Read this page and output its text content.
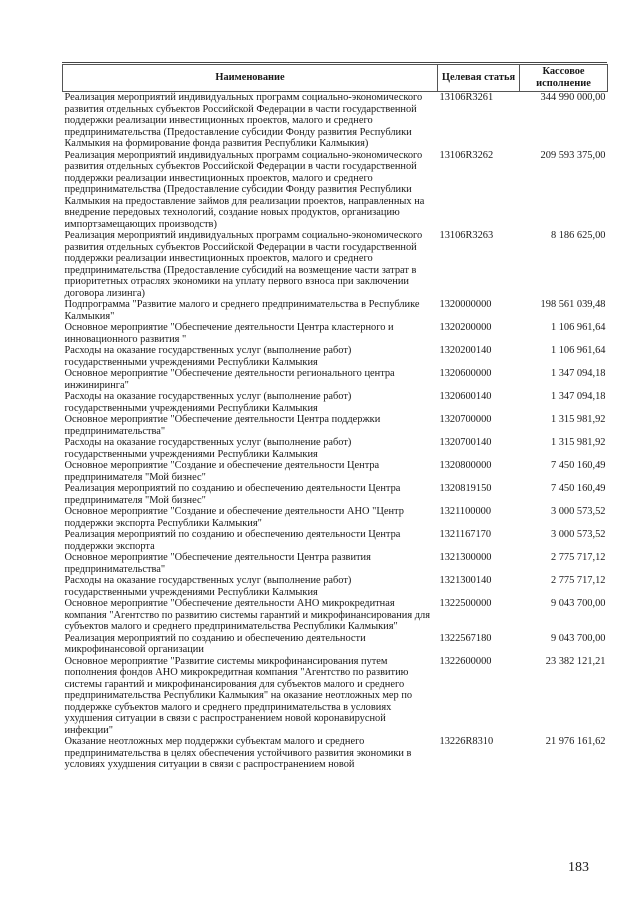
Наименование	Целевая статья	Кассовое исполнение
Реализация мероприятий индивидуальных программ социально-экономического развития отдельных субъектов Российской Федерации в части государственной поддержки реализации инвестиционных проектов, малого и среднего предпринимательства (Предоставление субсидии Фонду развития Республики Калмыкия на формирование фонда развития Республики Калмыкия)	13106R3261	344 990 000,00
Реализация мероприятий индивидуальных программ социально-экономического развития отдельных субъектов Российской Федерации в части государственной поддержки реализации инвестиционных проектов, малого и среднего предпринимательства (Предоставление субсидии Фонду развития Республики Калмыкия на предоставление займов для реализации проектов, направленных на внедрение передовых технологий, создание новых продуктов, организацию импортзамещающих производств)	13106R3262	209 593 375,00
Реализация мероприятий индивидуальных программ социально-экономического развития отдельных субъектов Российской Федерации в части государственной поддержки реализации инвестиционных проектов, малого и среднего предпринимательства (Предоставление субсидий на возмещение части затрат в приоритетных отраслях экономики на уплату первого взноса при заключении договора лизинга)	13106R3263	8 186 625,00
Подпрограмма "Развитие малого и среднего предпринимательства в Республике Калмыкия"	1320000000	198 561 039,48
Основное мероприятие "Обеспечение деятельности Центра кластерного и инновационного развития "	1320200000	1 106 961,64
Расходы на оказание государственных услуг (выполнение работ) государственными учреждениями Республики Калмыкия	1320200140	1 106 961,64
Основное мероприятие "Обеспечение деятельности регионального центра инжиниринга"	1320600000	1 347 094,18
Расходы на оказание государственных услуг (выполнение работ) государственными учреждениями Республики Калмыкия	1320600140	1 347 094,18
Основное мероприятие "Обеспечение деятельности Центра поддержки предпринимательства"	1320700000	1 315 981,92
Расходы на оказание государственных услуг (выполнение работ) государственными учреждениями Республики Калмыкия	1320700140	1 315 981,92
Основное мероприятие "Создание и обеспечение деятельности Центра предпринимателя "Мой бизнес"	1320800000	7 450 160,49
Реализация мероприятий по созданию и обеспечению деятельности Центра предпринимателя "Мой бизнес"	1320819150	7 450 160,49
Основное мероприятие "Создание и обеспечение деятельности АНО "Центр поддержки экспорта Республики Калмыкия"	1321100000	3 000 573,52
Реализация мероприятий по созданию и обеспечению деятельности Центра поддержки экспорта	1321167170	3 000 573,52
Основное мероприятие "Обеспечение деятельности Центра развития предпринимательства"	1321300000	2 775 717,12
Расходы на оказание государственных услуг (выполнение работ) государственными учреждениями Республики Калмыкия	1321300140	2 775 717,12
Основное мероприятие "Обеспечение деятельности АНО микрокредитная компания "Агентство по развитию системы гарантий и микрофинансирования для субъектов малого и среднего предпринимательства Республики Калмыкия"	1322500000	9 043 700,00
Реализация мероприятий по созданию и обеспечению деятельности микрофинансовой организации	1322567180	9 043 700,00
Основное мероприятие "Развитие системы микрофинансирования путем пополнения фондов АНО микрокредитная компания "Агентство по развитию системы гарантий и микрофинансирования для субъектов малого и среднего предпринимательства Республики Калмыкия" на оказание неотложных мер по поддержке субъектов малого и среднего предпринимательства в условиях ухудшения ситуации в связи с распространением новой коронавирусной инфекции"	1322600000	23 382 121,21
Оказание неотложных мер поддержки субъектам малого и среднего предпринимательства в целях обеспечения устойчивого развития экономики в условиях ухудшения ситуации в связи с распространением новой	13226R8310	21 976 161,62
183
